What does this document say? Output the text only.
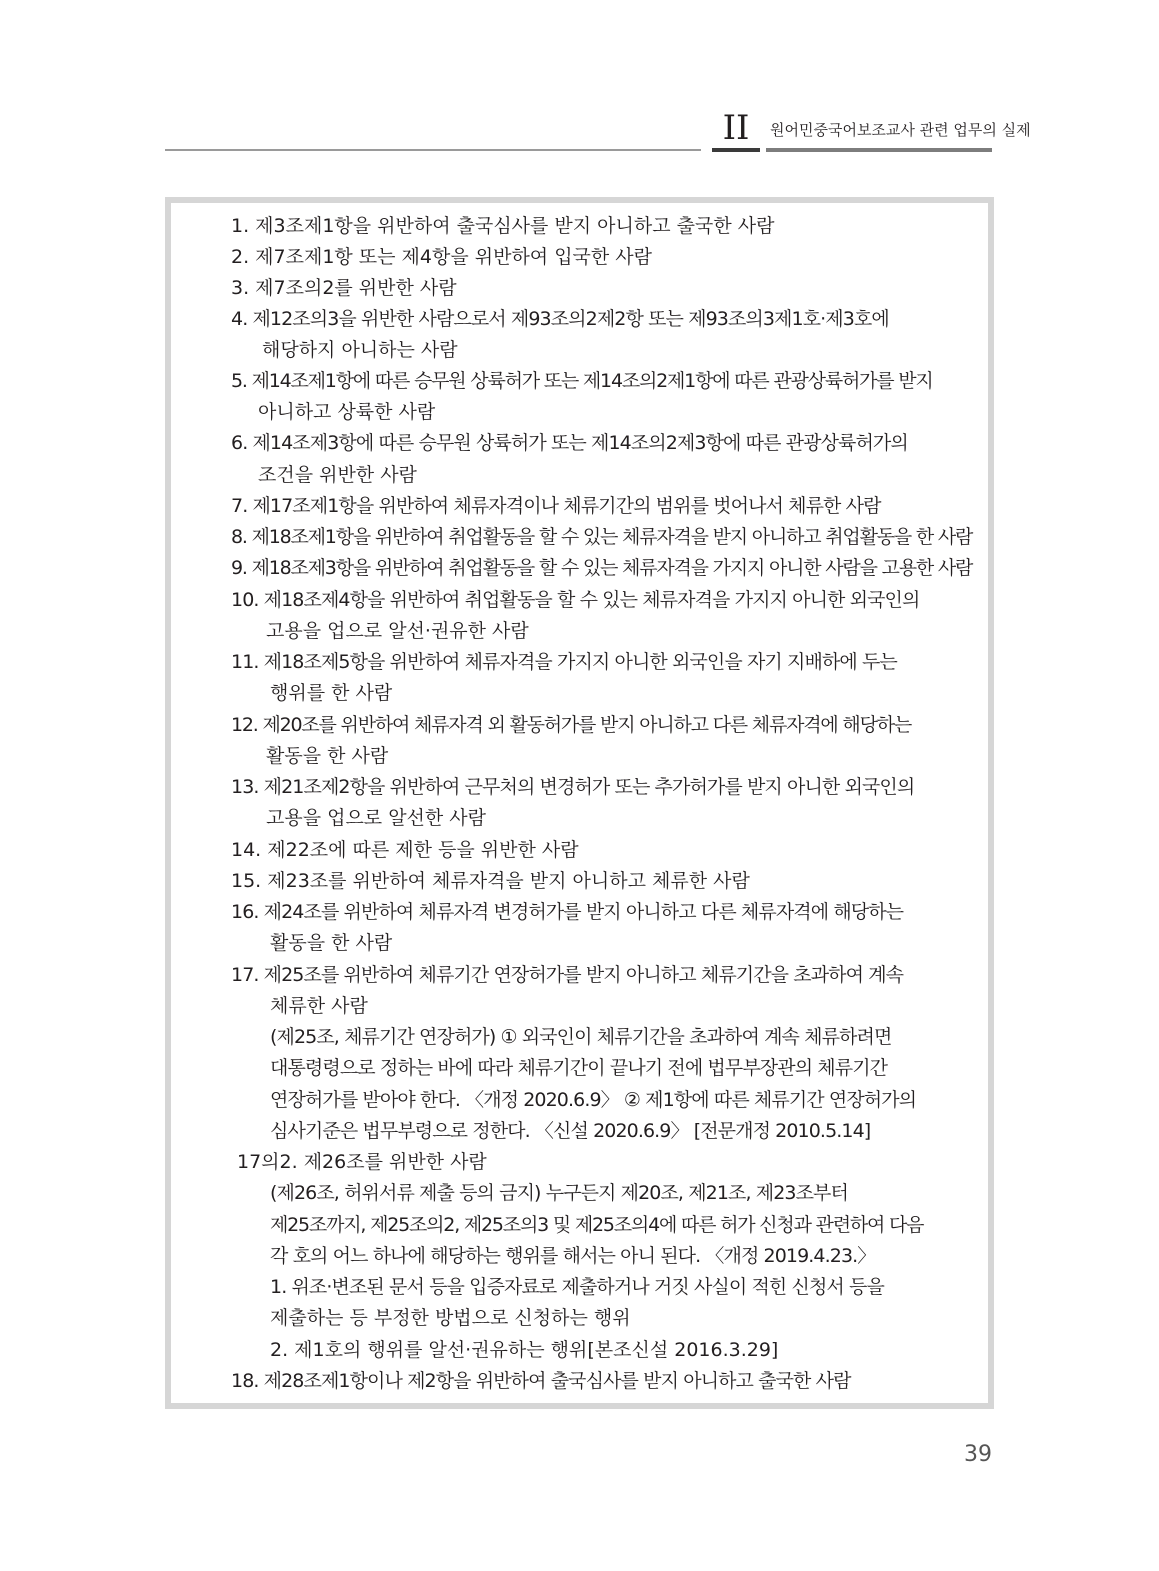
II	원어민중국어보조교사 관련 업무의 실제
1. 제3조제1항을 위반하여 출국심사를 받지 아니하고 출국한 사람
2. 제7조제1항 또는 제4항을 위반하여 입국한 사람
3. 제7조의2를 위반한 사람
4. 제12조의3을 위반한 사람으로서 제93조의2제2항 또는 제93조의3제1호·제3호에
해당하지 아니하는 사람
5. 제14조제1항에 따른 승무원 상륙허가 또는 제14조의2제1항에 따른 관광상륙허가를 받지
아니하고 상륙한 사람
6. 제14조제3항에 따른 승무원 상륙허가 또는 제14조의2제3항에 따른 관광상륙허가의
조건을 위반한 사람
7. 제17조제1항을 위반하여 체류자격이나 체류기간의 범위를 벗어나서 체류한 사람
8. 제18조제1항을 위반하여 취업활동을 할 수 있는 체류자격을 받지 아니하고 취업활동을 한 사람
9. 제18조제3항을 위반하여 취업활동을 할 수 있는 체류자격을 가지지 아니한 사람을 고용한 사람
10. 제18조제4항을 위반하여 취업활동을 할 수 있는 체류자격을 가지지 아니한 외국인의
고용을 업으로 알선·권유한 사람
11. 제18조제5항을 위반하여 체류자격을 가지지 아니한 외국인을 자기 지배하에 두는
행위를 한 사람
12. 제20조를 위반하여 체류자격 외 활동허가를 받지 아니하고 다른 체류자격에 해당하는
활동을 한 사람
13. 제21조제2항을 위반하여 근무처의 변경허가 또는 추가허가를 받지 아니한 외국인의
고용을 업으로 알선한 사람
14. 제22조에 따른 제한 등을 위반한 사람
15. 제23조를 위반하여 체류자격을 받지 아니하고 체류한 사람
16. 제24조를 위반하여 체류자격 변경허가를 받지 아니하고 다른 체류자격에 해당하는
활동을 한 사람
17. 제25조를 위반하여 체류기간 연장허가를 받지 아니하고 체류기간을 초과하여 계속
체류한 사람
(제25조, 체류기간 연장허가) ① 외국인이 체류기간을 초과하여 계속 체류하려면
대통령령으로 정하는 바에 따라 체류기간이 끝나기 전에 법무부장관의 체류기간
연장허가를 받아야 한다. 〈개정 2020.6.9〉 ② 제1항에 따른 체류기간 연장허가의
심사기준은 법무부령으로 정한다. 〈신설 2020.6.9〉 [전문개정 2010.5.14]
17의2. 제26조를 위반한 사람
(제26조, 허위서류 제출 등의 금지) 누구든지 제20조, 제21조, 제23조부터
제25조까지, 제25조의2, 제25조의3 및 제25조의4에 따른 허가 신청과 관련하여 다음
각 호의 어느 하나에 해당하는 행위를 해서는 아니 된다. 〈개정 2019.4.23.〉
1. 위조·변조된 문서 등을 입증자료로 제출하거나 거짓 사실이 적힌 신청서 등을
제출하는 등 부정한 방법으로 신청하는 행위
2. 제1호의 행위를 알선·권유하는 행위[본조신설 2016.3.29]
18. 제28조제1항이나 제2항을 위반하여 출국심사를 받지 아니하고 출국한 사람
39
